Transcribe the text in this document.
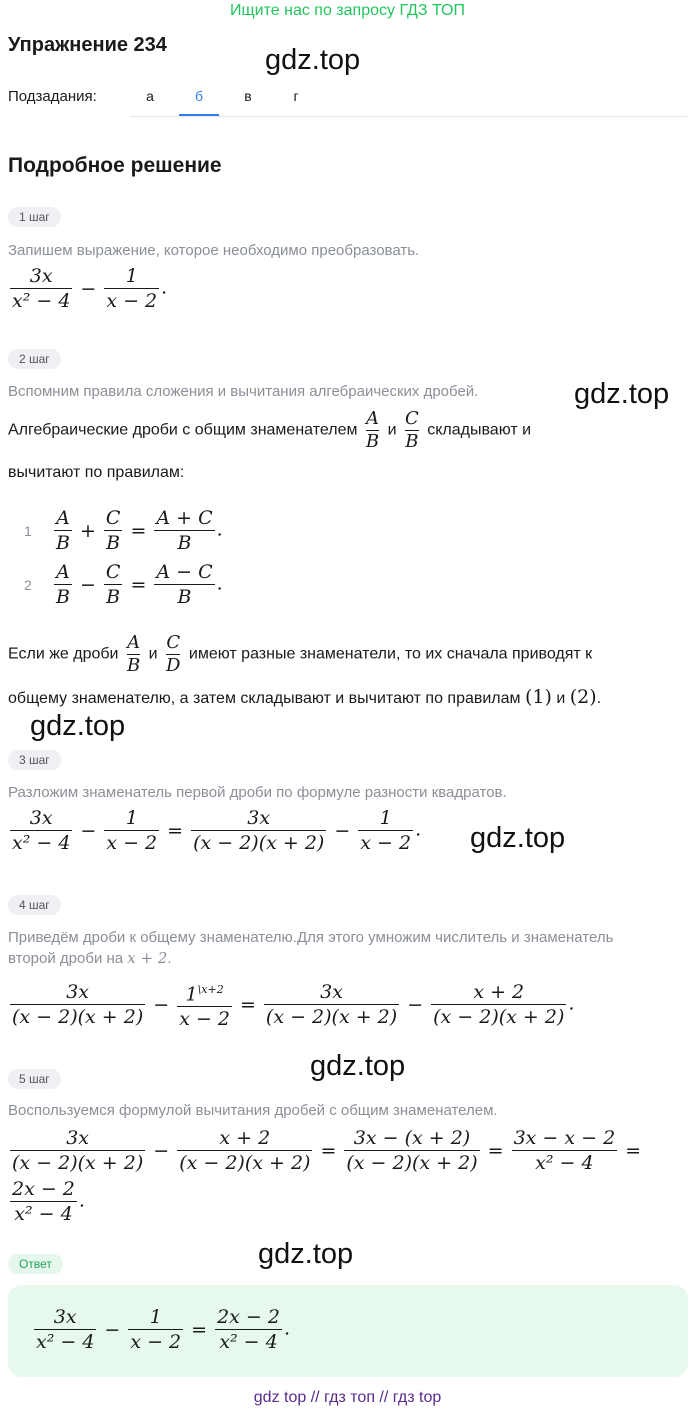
Ищите нас по запросу ГДЗ ТОП
Упражнение 234
Подзадания:	а	б	в	г
Подробное решение
gdz.top
gdz.top
gdz.top
gdz.top
gdz.top
gdz.top
1 шаг
Запишем выражение, которое необходимо преобразовать.
$\frac{3x}{\text{x² − 4}} - \frac{1}{x - 2}$ .
2 шаг
Вспомним правила сложения и вычитания алгебраических дробей.
Алгебраические дроби с общим знаменателем $\frac{A}{B}$ и $\frac{C}{B}$ складывают и
вычитают по правилам:
$1 \frac{A}{B} + \frac{C}{B} = \frac{A + C}{B}$ .
$2 \frac{A}{B} - \frac{C}{B} = \frac{A - C}{B}$ .
Если же дроби $\frac{A}{B}$ и $\frac{C}{D}$ имеют разные знаменатели, то их сначала приводят к
общему знаменателю, а затем складывают и вычитают по правилам (1) и (2).
3 шаг
Разложим знаменатель первой дроби по формуле разности квадратов.
$\frac{3x}{\text{x² − 4}} - \frac{1}{x - 2} = \frac{3x}{(x - 2)(x + 2)} - \frac{1}{x - 2}$ .
4 шаг
Приведём дроби к общему знаменателю.Для этого умножим числитель и знаменатель
второй дроби на x + 2.
$\frac{3x}{(x - 2)(x + 2)} - \frac{1^{\backslash x+2}}{x - 2} = \frac{3x}{(x - 2)(x + 2)} - \frac{x + 2}{(x - 2)(x + 2)}$ .
5 шаг
Воспользуемся формулой вычитания дробей с общим знаменателем.
$\frac{3x}{(x - 2)(x + 2)} - \frac{x + 2}{(x - 2)(x + 2)} = \frac{3x - (x + 2)}{(x - 2)(x + 2)} = \frac{3x - x - 2}{\text{x² − 4}}$ =
$\frac{2x - 2}{\text{x² − 4}}$ .
Ответ
$\frac{3x}{\text{x² − 4}} - \frac{1}{x - 2} = \frac{2x - 2}{\text{x² − 4}}$ .
gdz top // гдз топ // гдз top
